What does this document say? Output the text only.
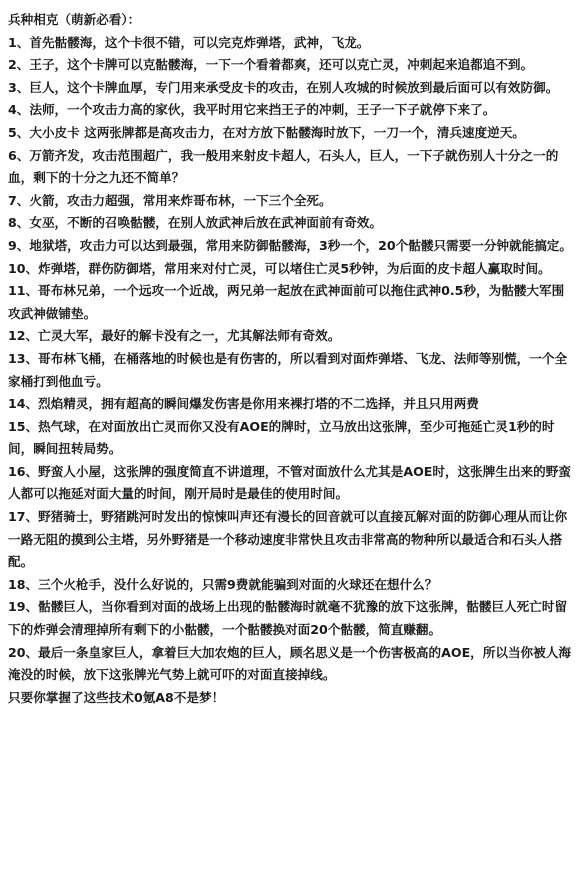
兵种相克（萌新必看）：

1、首先骷髅海，这个卡很不错，可以完克炸弹塔，武神，飞龙。

2、王子，这个卡牌可以克骷髅海，一下一个看着都爽，还可以克亡灵，冲刺起来追都追不到。

3、巨人，这个卡牌血厚，专门用来承受皮卡的攻击，在别人攻城的时候放到最后面可以有效防御。

4、法师，一个攻击力高的家伙，我平时用它来挡王子的冲刺，王子一下子就停下来了。

5、大小皮卡 这两张牌都是高攻击力，在对方放下骷髅海时放下，一刀一个，清兵速度逆天。

6、万箭齐发，攻击范围超广，我一般用来射皮卡超人，石头人，巨人，一下子就伤别人十分之一的血，剩下的十分之九还不简单？

7、火箭，攻击力超强，常用来炸哥布林，一下三个全死。

8、女巫，不断的召唤骷髅，在别人放武神后放在武神面前有奇效。

9、地狱塔，攻击力可以达到最强，常用来防御骷髅海，3秒一个，20个骷髅只需要一分钟就能搞定。

10、炸弹塔，群伤防御塔，常用来对付亡灵，可以堵住亡灵5秒钟，为后面的皮卡超人赢取时间。

11、哥布林兄弟，一个远攻一个近战，两兄弟一起放在武神面前可以拖住武神0.5秒，为骷髅大军围攻武神做铺垫。

12、亡灵大军，最好的解卡没有之一，尤其解法师有奇效。

13、哥布林飞桶，在桶落地的时候也是有伤害的，所以看到对面炸弹塔、飞龙、法师等别慌，一个全家桶打到他血亏。

14、烈焰精灵，拥有超高的瞬间爆发伤害是你用来裸打塔的不二选择，并且只用两费

15、热气球，在对面放出亡灵而你又没有AOE的牌时，立马放出这张牌，至少可拖延亡灵1秒的时间，瞬间扭转局势。

16、野蛮人小屋，这张牌的强度简直不讲道理，不管对面放什么尤其是AOE时，这张牌生出来的野蛮人都可以拖延对面大量的时间，刚开局时是最佳的使用时间。

17、野猪骑士，野猪跳河时发出的惊悚叫声还有漫长的回音就可以直接瓦解对面的防御心理从而让你一路无阻的摸到公主塔，另外野猪是一个移动速度非常快且攻击非常高的物种所以最适合和石头人搭配。

18、三个火枪手，没什么好说的，只需9费就能骗到对面的火球还在想什么？

19、骷髅巨人，当你看到对面的战场上出现的骷髅海时就毫不犹豫的放下这张牌，骷髅巨人死亡时留下的炸弹会清理掉所有剩下的小骷髅，一个骷髅换对面20个骷髅，简直赚翻。

20、最后一条皇家巨人，拿着巨大加农炮的巨人，顾名思义是一个伤害极高的AOE，所以当你被人海淹没的时候，放下这张牌光气势上就可吓的对面直接掉线。

只要你掌握了这些技术0氪A8不是梦！
